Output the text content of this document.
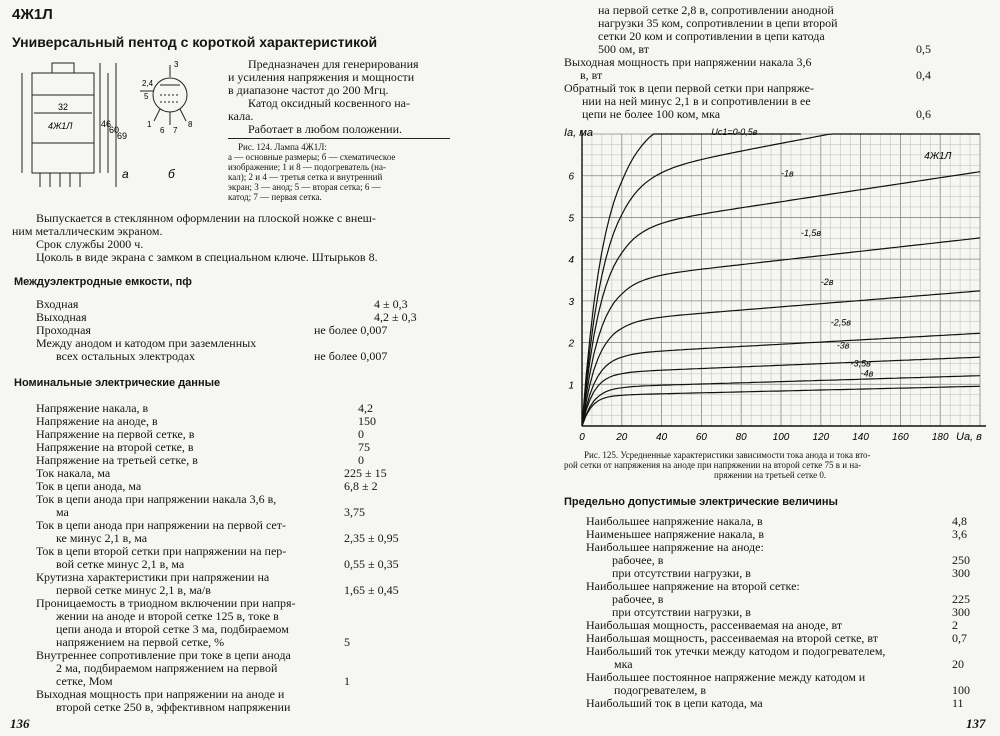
4Ж1Л
Универсальный пентод с короткой характеристикой
32
4Ж1Л	46
60
69
а	б
3
2,4
5
1
6 7
8
Предназначен для генерирования
и усиления напряжения и мощности
в диапазоне частот до 200 Мгц.
Катод оксидный косвенного на-
кала.
Работает в любом положении.
Рис. 124. Лампа 4Ж1Л:
а — основные размеры; б — схематическое
изображение; 1 и 8 — подогреватель (на-
кал); 2 и 4 — третья сетка и внутренний
экран; 3 — анод; 5 — вторая сетка; 6 —
катод; 7 — первая сетка.
Выпускается в стеклянном оформлении на плоской ножке с внеш-
ним металлическим экраном.
Срок службы 2000 ч.
Цоколь в виде экрана с замком в специальном ключе. Штырьков 8.
Междуэлектродные емкости, пф
Входная	4 ± 0,3
Выходная	4,2 ± 0,3
Проходная	не более 0,007
Между анодом и катодом при заземленных
всех остальных электродах	не более 0,007
Номинальные электрические данные
Напряжение накала, в	4,2
Напряжение на аноде, в	150
Напряжение на первой сетке, в	0
Напряжение на второй сетке, в	75
Напряжение на третьей сетке, в	0
Ток накала, ма	225 ± 15
Ток в цепи анода, ма	6,8 ± 2
Ток в цепи анода при напряжении накала 3,6 в,
ма	3,75
Ток в цепи анода при напряжении на первой сет-
ке минус 2,1 в, ма	2,35 ± 0,95
Ток в цепи второй сетки при напряжении на пер-
вой сетке минус 2,1 в, ма	0,55 ± 0,35
Крутизна характеристики при напряжении на
первой сетке минус 2,1 в, ма/в	1,65 ± 0,45
Проницаемость в триодном включении при напря-
жении на аноде и второй сетке 125 в, токе в
цепи анода и второй сетке 3 ма, подбираемом
напряжением на первой сетке, %	5
Внутреннее сопротивление при токе в цепи анода
2 ма, подбираемом напряжением на первой
сетке, Мом	1
Выходная мощность при напряжении на аноде и
второй сетке 250 в, эффективном напряжении
136
на первой сетке 2,8 в, сопротивлении анодной
нагрузки 35 ком, сопротивлении в цепи второй
сетки 20 ком и сопротивлении в цепи катода
500 ом, вт	0,5
Выходная мощность при напряжении накала 3,6
в, вт	0,4
Обратный ток в цепи первой сетки при напряже-
нии на ней минус 2,1 в и сопротивлении в ее
цепи не более 100 ком, мка	0,6
0	20	40	60	80	100 120 140 160 180
1
2
3
4
5
6
Iа, ма
Uа, в
4Ж1Л
Uс1=0 -0,5в
-1в
-1,5в
-2в
-2,5в
-3в
-3,5в
-4в
Рис. 125. Усредненные характеристики зависимости тока анода и тока вто-
рой сетки от напряжения на аноде при напряжении на второй сетке 75 в и на-
пряжении на третьей сетке 0.
Предельно допустимые электрические величины
Наибольшее напряжение накала, в	4,8
Наименьшее напряжение накала, в	3,6
Наибольшее напряжение на аноде:
рабочее, в	250
при отсутствии нагрузки, в	300
Наибольшее напряжение на второй сетке:
рабочее, в	225
при отсутствии нагрузки, в	300
Наибольшая мощность, рассеиваемая на аноде, вт	2
Наибольшая мощность, рассеиваемая на второй сетке, вт	0,7
Наибольший ток утечки между катодом и подогревателем,
мка	20
Наибольшее постоянное напряжение между катодом и
подогревателем, в	100
Наибольший ток в цепи катода, ма	11
137
